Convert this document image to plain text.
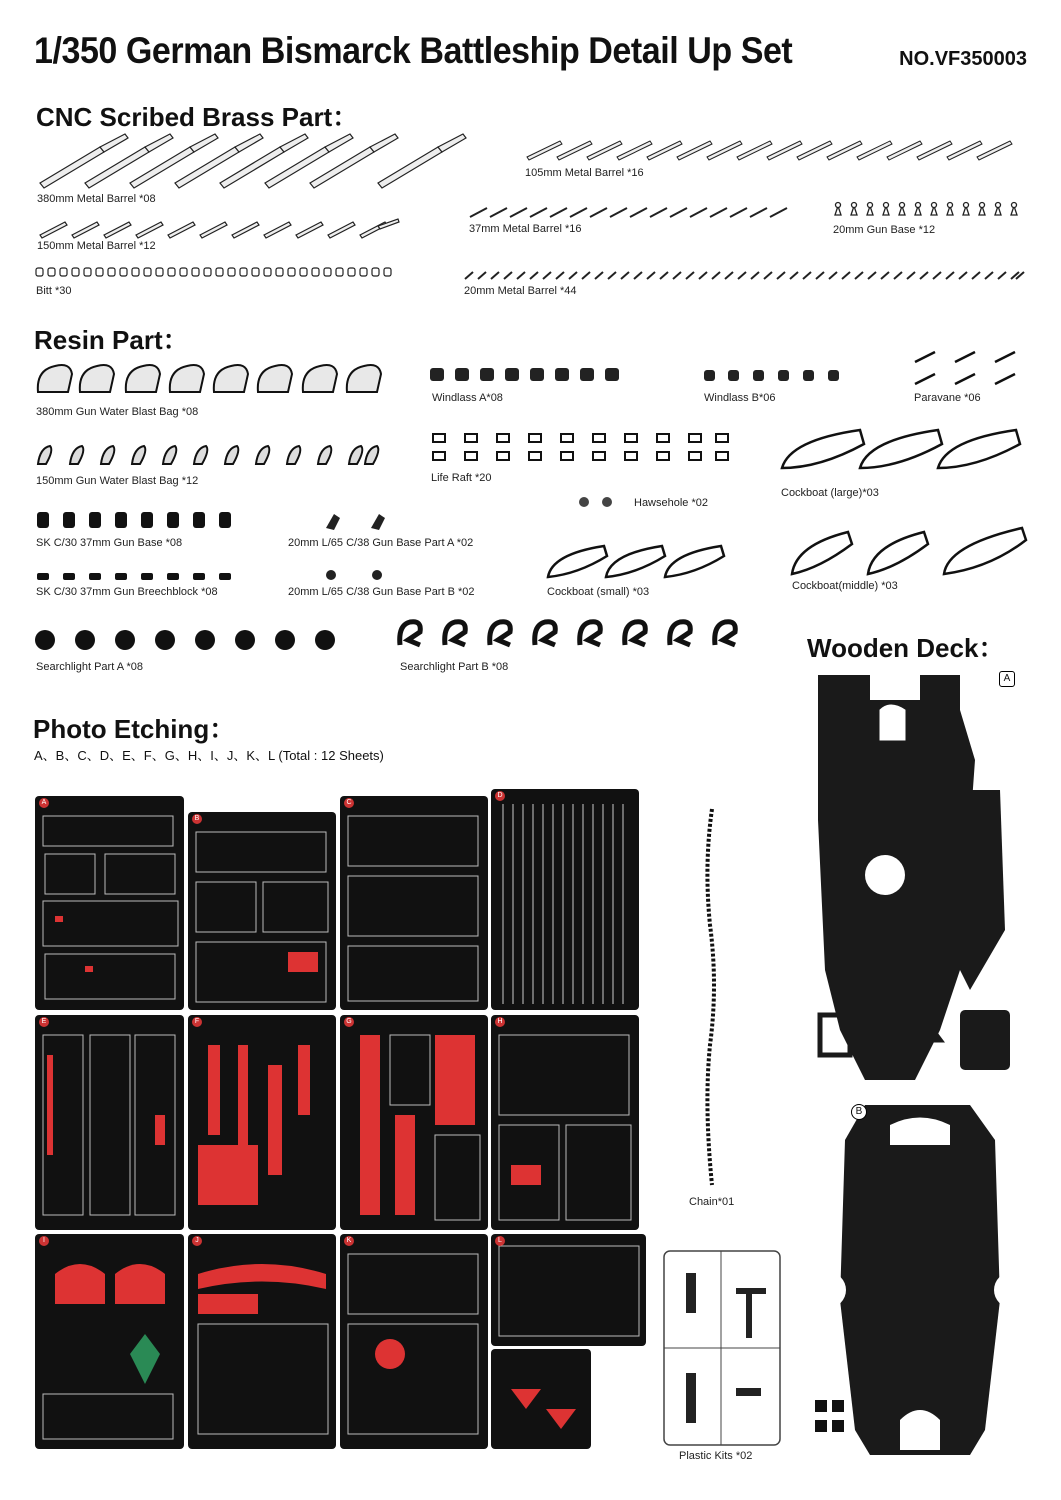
1/350 German Bismarck Battleship Detail Up Set	NO.VF350003
CNC Scribed Brass Part：
Resin Part：
Photo Etching：
Wooden Deck：
380mm Metal Barrel *08
150mm Metal Barrel *12
Bitt *30
105mm Metal Barrel *16
37mm Metal Barrel *16	20mm Gun Base *12
20mm Metal Barrel *44
380mm Gun Water Blast Bag *08
Windlass A*08	Windlass B*06	Paravane *06
150mm Gun Water Blast Bag *12	Life Raft *20
Cockboat (large)*03
Hawsehole *02
SK C/30 37mm Gun Base *08	20mm L/65 C/38 Gun Base Part A *02
Cockboat(middle) *03
SK C/30 37mm Gun Breechblock *08	20mm L/65 C/38 Gun Base Part B *02	Cockboat (small) *03
Searchlight Part A *08	Searchlight Part B *08
A、B、C、D、E、F、G、H、I、J、K、L (Total : 12 Sheets)
A
B
C
D
E	F	G	H
I	J	K	L
Chain*01
Plastic Kits *02
A
B
